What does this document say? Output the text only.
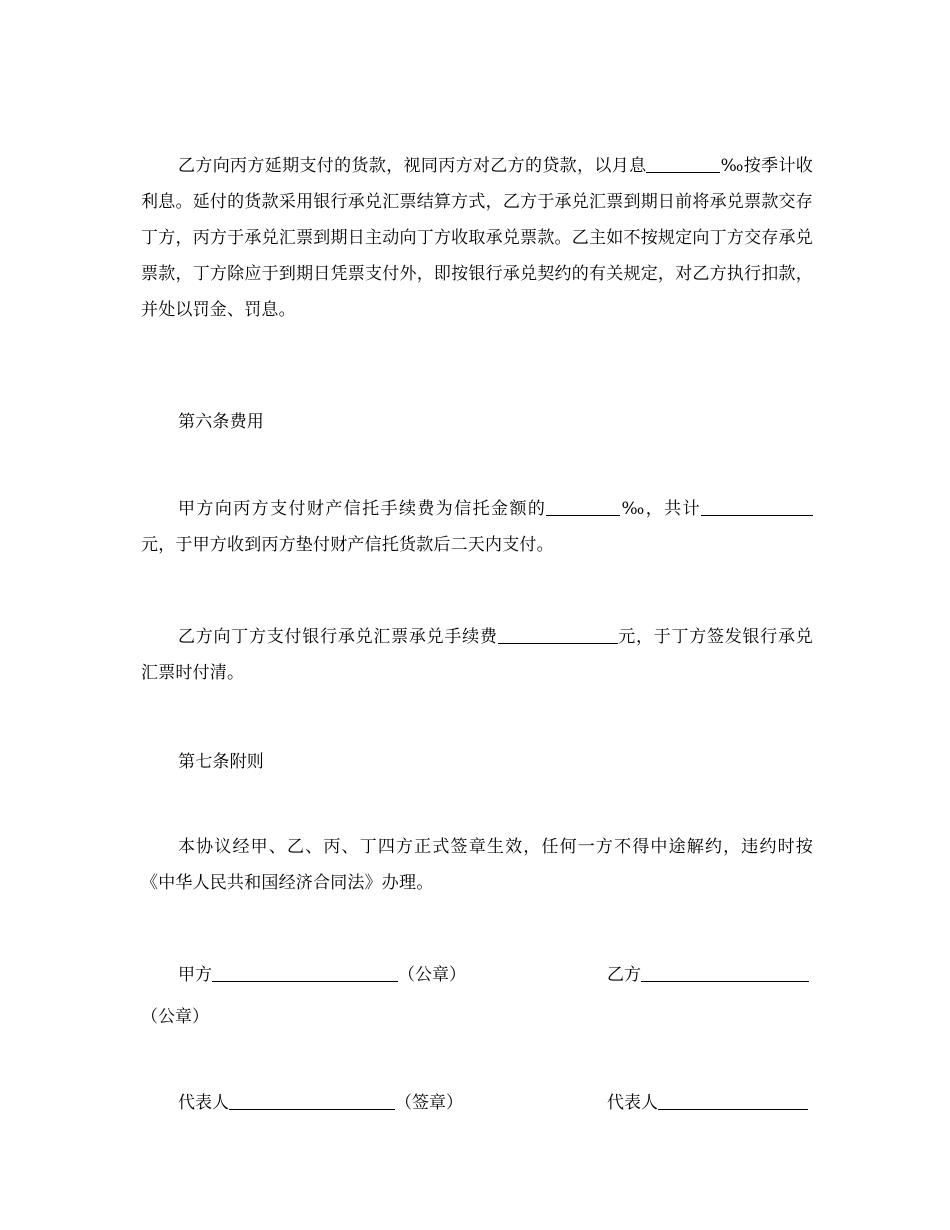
乙方向丙方延期支付的货款，视同丙方对乙方的贷款，以月息	‰按季计收利息。延付的货款采用银行承兑汇票结算方式，乙方于承兑汇票到期日前将承兑票款交存丁方，丙方于承兑汇票到期日主动向丁方收取承兑票款。乙主如不按规定向丁方交存承兑票款，丁方除应于到期日凭票支付外，即按银行承兑契约的有关规定，对乙方执行扣款，并处以罚金、罚息。
第六条费用
甲方向丙方支付财产信托手续费为信托金额的	‰，共计元，于甲方收到丙方垫付财产信托货款后二天内支付。
乙方向丁方支付银行承兑汇票承兑手续费	元，于丁方签发银行承兑汇票时付清。
第七条附则
本协议经甲、乙、丙、丁四方正式签章生效，任何一方不得中途解约，违约时按《中华人民共和国经济合同法》办理。
甲方	（公章）	乙方
（公章）
代表人	（签章）	代表人
